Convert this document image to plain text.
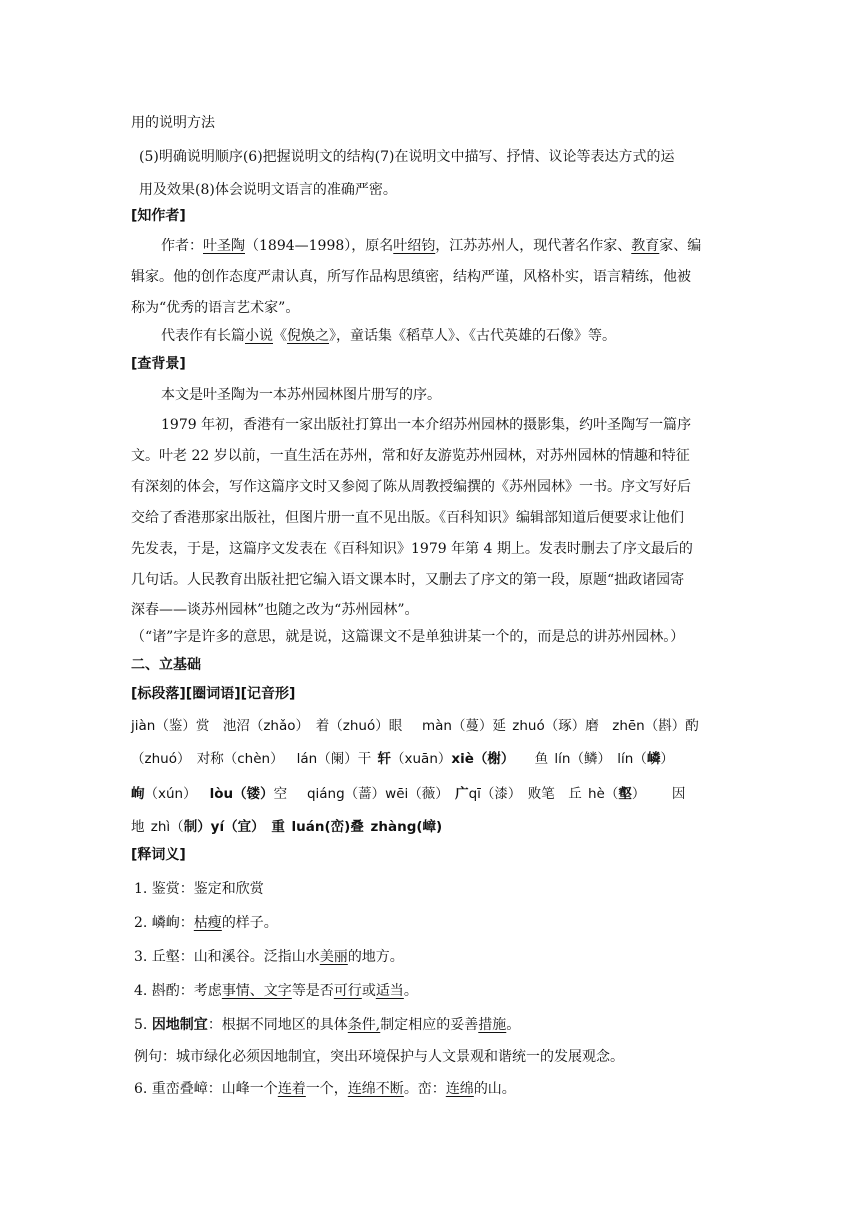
用的说明方法
(5)明确说明顺序(6)把握说明文的结构(7)在说明文中描写、抒情、议论等表达方式的运
用及效果(8)体会说明文语言的准确严密。
[知作者]
作者：叶圣陶（1894—1998），原名叶绍钧，江苏苏州人，现代著名作家、教育家、编
辑家。他的创作态度严肃认真，所写作品构思缜密，结构严谨，风格朴实，语言精练，他被
称为“优秀的语言艺术家”。
代表作有长篇小说《倪焕之》，童话集《稻草人》、《古代英雄的石像》等。
[查背景]
本文是叶圣陶为一本苏州园林图片册写的序。
1979 年初，香港有一家出版社打算出一本介绍苏州园林的摄影集，约叶圣陶写一篇序
文。叶老 22 岁以前，一直生活在苏州，常和好友游览苏州园林，对苏州园林的情趣和特征
有深刻的体会，写作这篇序文时又参阅了陈从周教授编撰的《苏州园林》一书。序文写好后
交给了香港那家出版社，但图片册一直不见出版。《百科知识》编辑部知道后便要求让他们
先发表，于是，这篇序文发表在《百科知识》1979 年第 4 期上。发表时删去了序文最后的
几句话。人民教育出版社把它编入语文课本时，又删去了序文的第一段，原题“拙政诸园寄
深春——谈苏州园林”也随之改为“苏州园林”。
（“诸”字是许多的意思，就是说，这篇课文不是单独讲某一个的，而是总的讲苏州园林。）
二、立基础
[标段落][圈词语][记音形]
jiàn（鉴）赏　池沼（zhǎo）　着（zhuó）眼　 màn（蔓）延 zhuó（琢）磨　zhēn（斟）酌
（zhuó） 对称（chèn）　 lán（阑）干 轩（xuān）xiè（榭）　　鱼 lín（鳞） lín（嶙）
峋（xún）　 lòu（镂）空　 qiáng（蔷）wēi（薇） 广qī（漆） 败笔　丘 hè（壑）　　 因
地 zhì（制）yí（宜） 重 luán(峦)叠 zhàng(嶂)
[释词义]
1. 鉴赏：鉴定和欣赏
2. 嶙峋：枯瘦的样子。
3. 丘壑：山和溪谷。泛指山水美丽的地方。
4. 斟酌：考虑事情、文字等是否可行或适当。
5. 因地制宜：根据不同地区的具体条件,制定相应的妥善措施。
例句：城市绿化必须因地制宜，突出环境保护与人文景观和谐统一的发展观念。
6. 重峦叠嶂：山峰一个连着一个，连绵不断。峦：连绵的山。
